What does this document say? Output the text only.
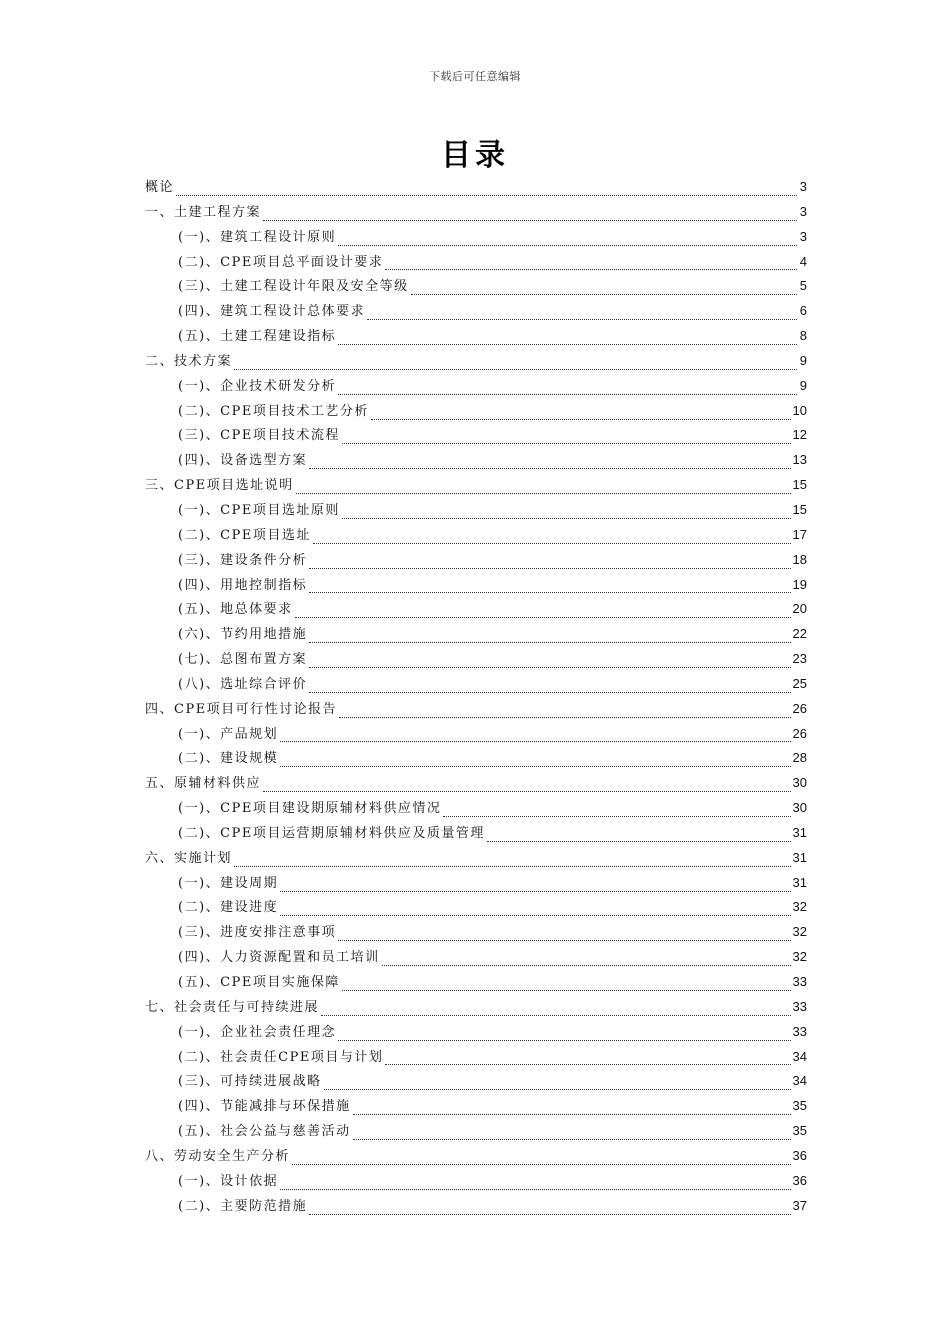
下载后可任意编辑
目录
概论	3
一、土建工程方案	3
(一)、建筑工程设计原则	3
(二)、CPE项目总平面设计要求	4
(三)、土建工程设计年限及安全等级	5
(四)、建筑工程设计总体要求	6
(五)、土建工程建设指标	8
二、技术方案	9
(一)、企业技术研发分析	9
(二)、CPE项目技术工艺分析	10
(三)、CPE项目技术流程	12
(四)、设备选型方案	13
三、CPE项目选址说明	15
(一)、CPE项目选址原则	15
(二)、CPE项目选址	17
(三)、建设条件分析	18
(四)、用地控制指标	19
(五)、地总体要求	20
(六)、节约用地措施	22
(七)、总图布置方案	23
(八)、选址综合评价	25
四、CPE项目可行性讨论报告	26
(一)、产品规划	26
(二)、建设规模	28
五、原辅材料供应	30
(一)、CPE项目建设期原辅材料供应情况	30
(二)、CPE项目运营期原辅材料供应及质量管理	31
六、实施计划	31
(一)、建设周期	31
(二)、建设进度	32
(三)、进度安排注意事项	32
(四)、人力资源配置和员工培训	32
(五)、CPE项目实施保障	33
七、社会责任与可持续进展	33
(一)、企业社会责任理念	33
(二)、社会责任CPE项目与计划	34
(三)、可持续进展战略	34
(四)、节能减排与环保措施	35
(五)、社会公益与慈善活动	35
八、劳动安全生产分析	36
(一)、设计依据	36
(二)、主要防范措施	37
